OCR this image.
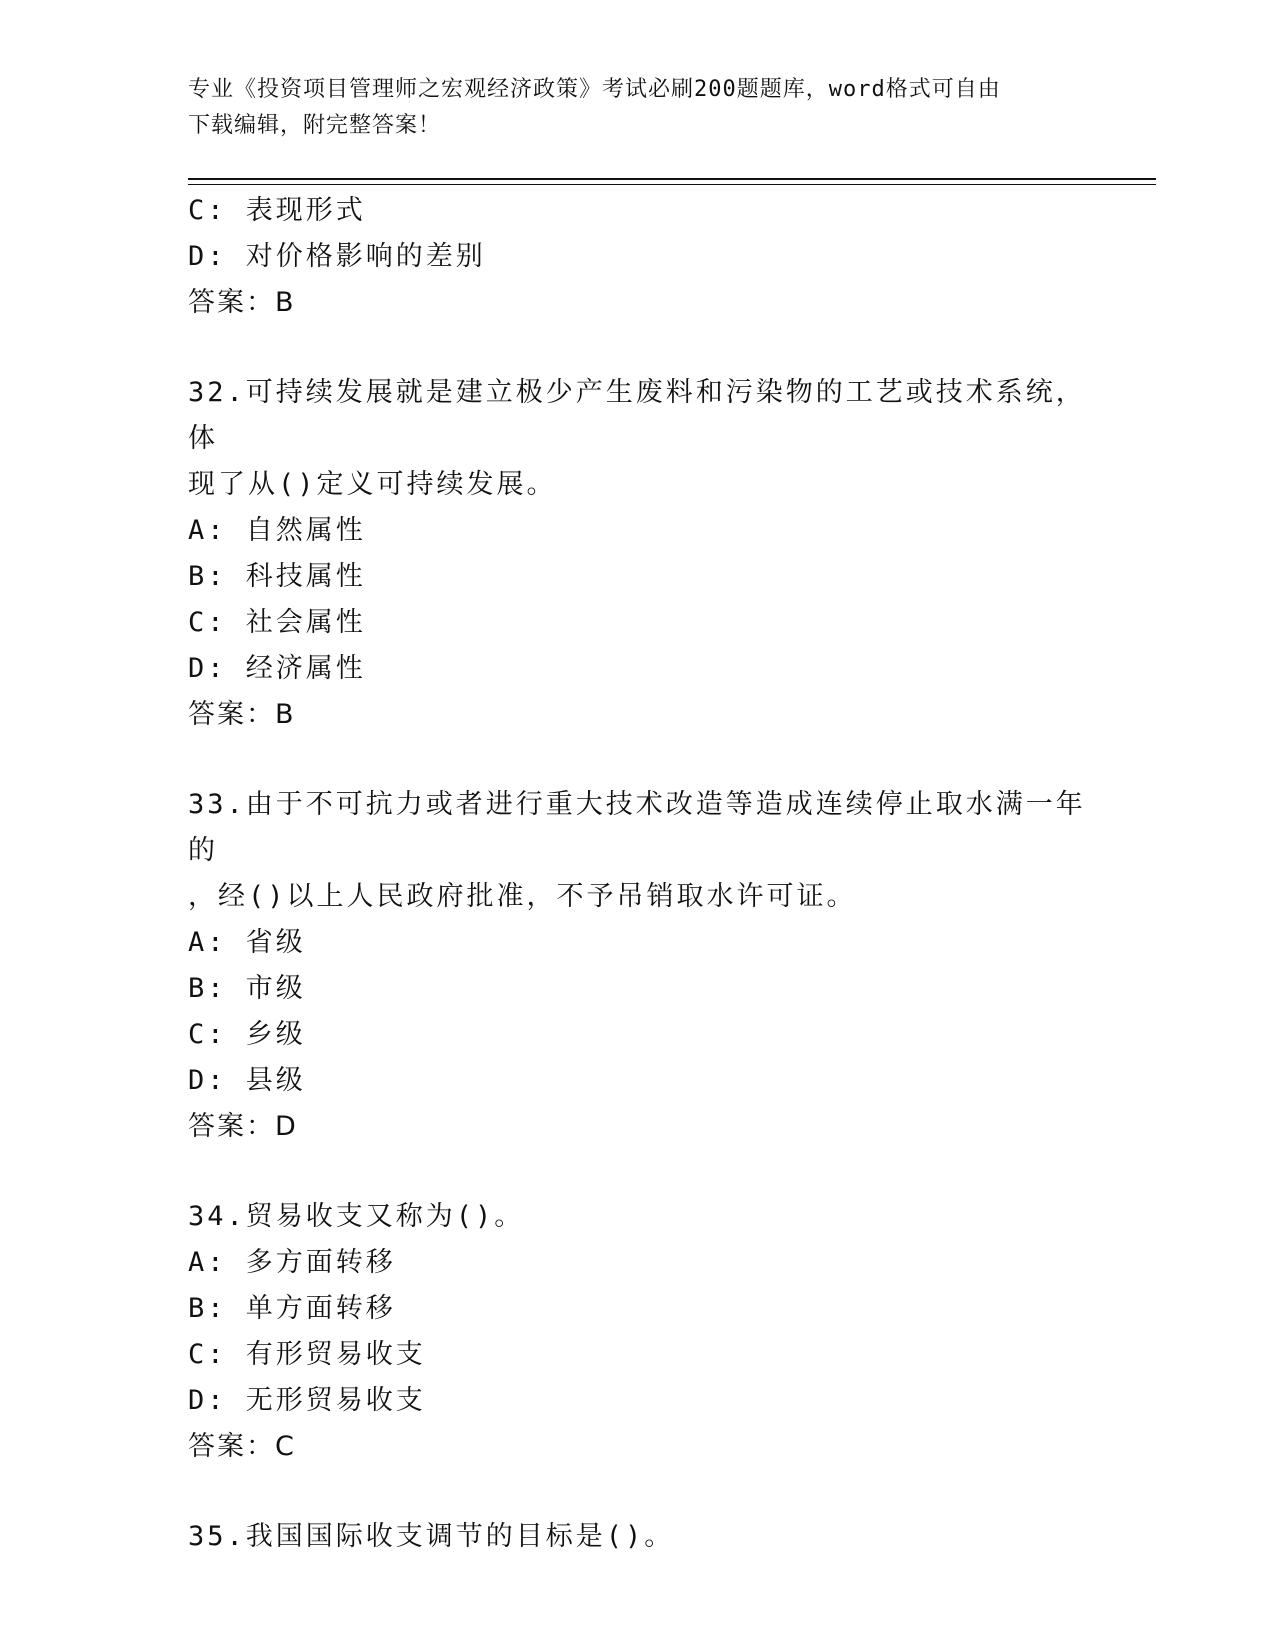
专业《投资项目管理师之宏观经济政策》考试必刷200题题库，word格式可自由
下载编辑，附完整答案！
C: 表现形式
D: 对价格影响的差别
答案：B
32.可持续发展就是建立极少产生废料和污染物的工艺或技术系统，体
现了从()定义可持续发展。
A: 自然属性
B: 科技属性
C: 社会属性
D: 经济属性
答案：B
33.由于不可抗力或者进行重大技术改造等造成连续停止取水满一年的
，经()以上人民政府批准，不予吊销取水许可证。
A: 省级
B: 市级
C: 乡级
D: 县级
答案：D
34.贸易收支又称为()。
A: 多方面转移
B: 单方面转移
C: 有形贸易收支
D: 无形贸易收支
答案：C
35.我国国际收支调节的目标是()。
